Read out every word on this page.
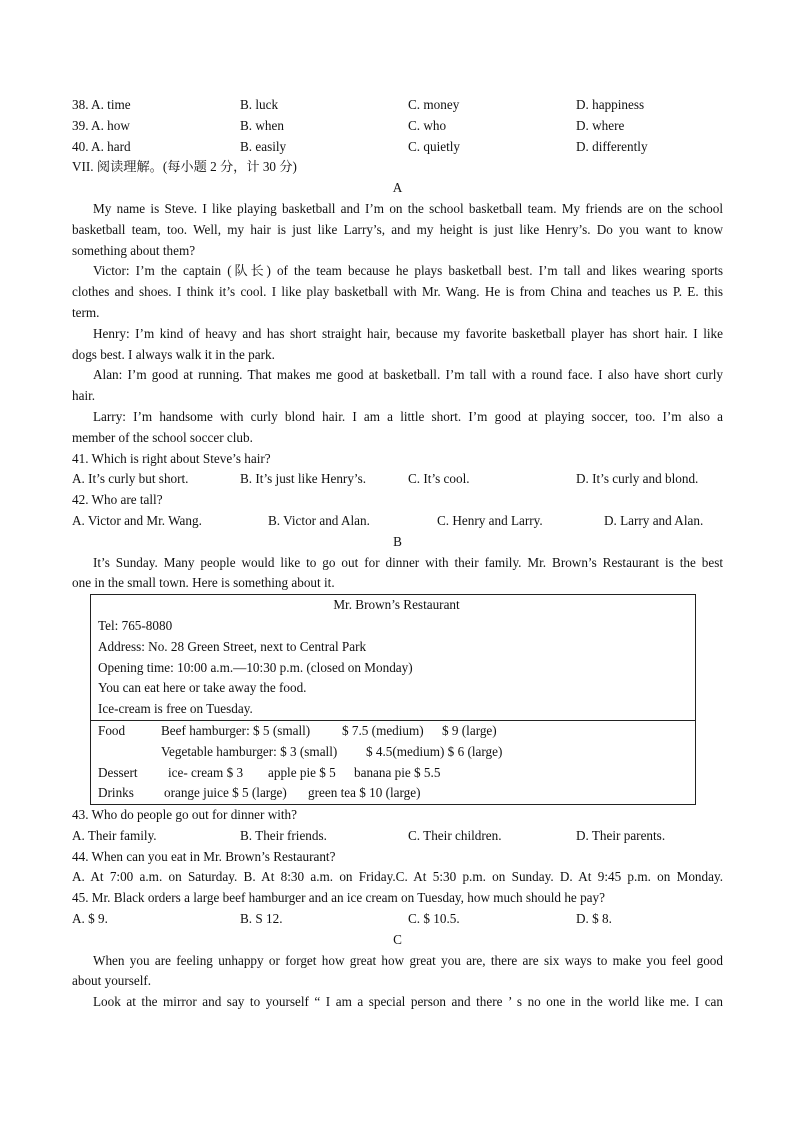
38. A. time	B. luck	C. money	D. happiness
39. A. how	B. when	C. who	D. where
40. A. hard	B. easily	C. quietly	D. differently
VII. 阅读理解。(每小题 2 分，计 30 分)
A
My name is Steve. I like playing basketball and I’m on the school basketball team. My friends are on the school
basketball team, too. Well, my hair is just like Larry’s, and my height is just like Henry’s. Do you want to know
something about them?
Victor: I’m the captain (队长) of the team because he plays basketball best. I’m tall and likes wearing sports
clothes and shoes. I think it’s cool. I like play basketball with Mr. Wang. He is from China and teaches us P. E. this
term.
Henry: I’m kind of heavy and has short straight hair, because my favorite basketball player has short hair. I like
dogs best. I always walk it in the park.
Alan: I’m good at running. That makes me good at basketball. I’m tall with a round face. I also have short curly
hair.
Larry: I’m handsome with curly blond hair. I am a little short. I’m good at playing soccer, too. I’m also a
member of the school soccer club.
41. Which is right about Steve’s hair?
A. It’s curly but short.	B. It’s just like Henry’s.	C. It’s cool.	D. It’s curly and blond.
42. Who are tall?
A. Victor and Mr. Wang.	B. Victor and Alan.	C. Henry and Larry.	D. Larry and Alan.
B
It’s Sunday. Many people would like to go out for dinner with their family. Mr. Brown’s Restaurant is the best
one in the small town. Here is something about it.
Mr. Brown’s Restaurant
Tel: 765-8080
Address: No. 28 Green Street, next to Central Park
Opening time: 10:00 a.m.—10:30 p.m. (closed on Monday)
You can eat here or take away the food.
Ice-cream is free on Tuesday.
Food	Beef hamburger: $ 5 (small) $ 7.5 (medium) $ 9 (large)
Vegetable hamburger: $ 3 (small) $ 4.5(medium) $ 6 (large)
Dessert ice- cream $ 3 apple pie $ 5 banana pie $ 5.5
Drinks orange juice $ 5 (large) green tea $ 10 (large)
43. Who do people go out for dinner with?
A. Their family.	B. Their friends.	C. Their children.	D. Their parents.
44. When can you eat in Mr. Brown’s Restaurant?
A. At 7:00 a.m. on Saturday. B. At 8:30 a.m. on Friday.C. At 5:30 p.m. on Sunday. D. At 9:45 p.m. on Monday.
45. Mr. Black orders a large beef hamburger and an ice cream on Tuesday, how much should he pay?
A. $ 9.	B. S 12.	C. $ 10.5.	D. $ 8.
C
When you are feeling unhappy or forget how great how great you are, there are six ways to make you feel good
about yourself.
Look at the mirror and say to yourself “ I am a special person and there ’ s no one in the world like me. I can
